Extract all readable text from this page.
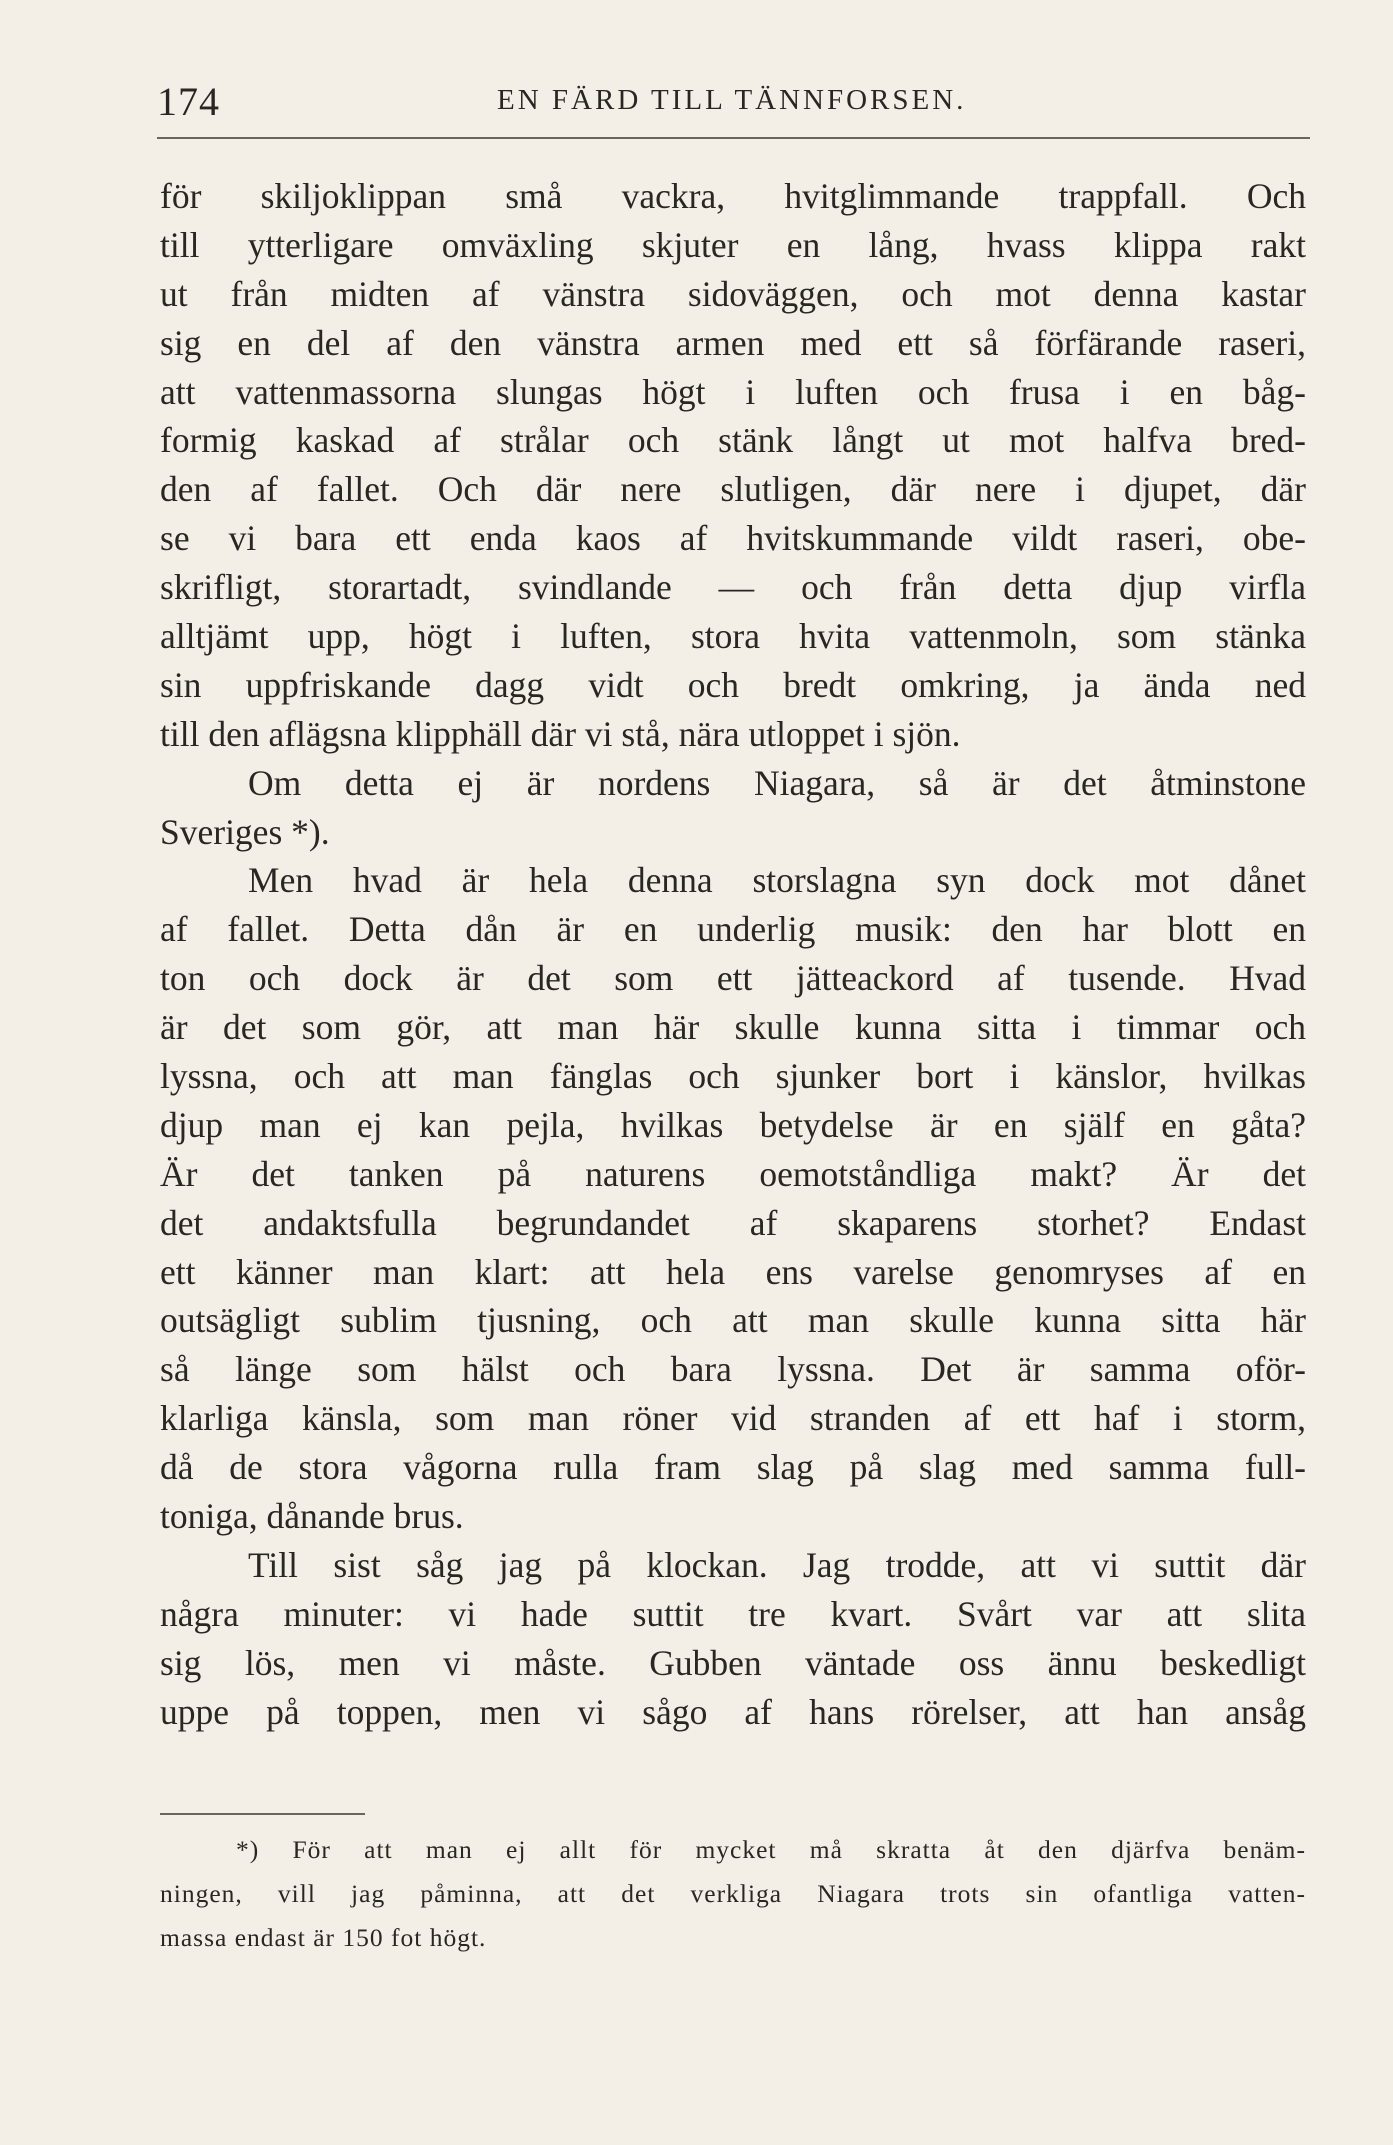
174	EN FÄRD TILL TÄNNFORSEN.
för skiljoklippan små vackra, hvitglimmande trappfall. Och
till ytterligare omväxling skjuter en lång, hvass klippa rakt
ut från midten af vänstra sidoväggen, och mot denna kastar
sig en del af den vänstra armen med ett så förfärande raseri,
att vattenmassorna slungas högt i luften och frusa i en båg-
formig kaskad af strålar och stänk långt ut mot halfva bred-
den af fallet. Och där nere slutligen, där nere i djupet, där
se vi bara ett enda kaos af hvitskummande vildt raseri, obe-
skrifligt, storartadt, svindlande — och från detta djup virfla
alltjämt upp, högt i luften, stora hvita vattenmoln, som stänka
sin uppfriskande dagg vidt och bredt omkring, ja ända ned
till den aflägsna klipphäll där vi stå, nära utloppet i sjön.
Om detta ej är nordens Niagara, så är det åtminstone
Sveriges *).
Men hvad är hela denna storslagna syn dock mot dånet
af fallet. Detta dån är en underlig musik: den har blott en
ton och dock är det som ett jätteackord af tusende. Hvad
är det som gör, att man här skulle kunna sitta i timmar och
lyssna, och att man fänglas och sjunker bort i känslor, hvilkas
djup man ej kan pejla, hvilkas betydelse är en själf en gåta?
Är det tanken på naturens oemotståndliga makt? Är det
det andaktsfulla begrundandet af skaparens storhet? Endast
ett känner man klart: att hela ens varelse genomryses af en
outsägligt sublim tjusning, och att man skulle kunna sitta här
så länge som hälst och bara lyssna. Det är samma oför-
klarliga känsla, som man röner vid stranden af ett haf i storm,
då de stora vågorna rulla fram slag på slag med samma full-
toniga, dånande brus.
Till sist såg jag på klockan. Jag trodde, att vi suttit där
några minuter: vi hade suttit tre kvart. Svårt var att slita
sig lös, men vi måste. Gubben väntade oss ännu beskedligt
uppe på toppen, men vi sågo af hans rörelser, att han ansåg
*) För att man ej allt för mycket må skratta åt den djärfva benäm-
ningen, vill jag påminna, att det verkliga Niagara trots sin ofantliga vatten-
massa endast är 150 fot högt.
